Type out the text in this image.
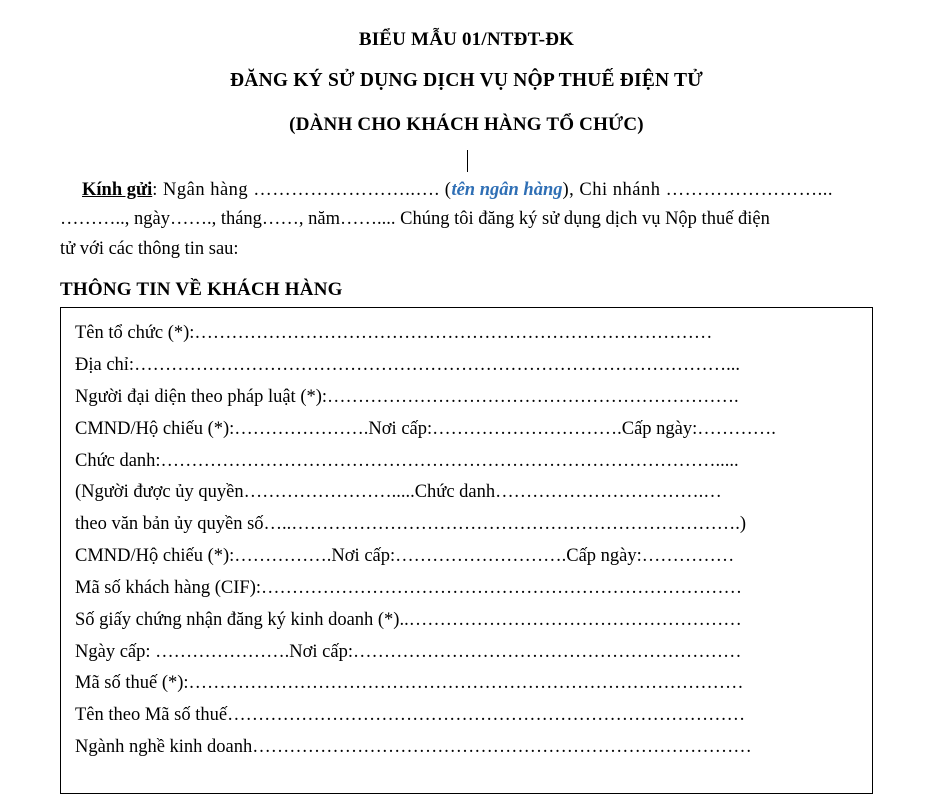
BIỂU MẪU 01/NTĐT-ĐK
ĐĂNG KÝ SỬ DỤNG DỊCH VỤ NỘP THUẾ ĐIỆN TỬ
(DÀNH CHO KHÁCH HÀNG TỔ CHỨC)

Kính gửi: Ngân hàng ……………………..…. (tên ngân hàng), Chi nhánh ……………………...

……….., ngày……., tháng……, năm…….... Chúng tôi đăng ký sử dụng dịch vụ Nộp thuế điện

tử với các thông tin sau:

THÔNG TIN VỀ KHÁCH HÀNG
Tên tổ chức (*):…………………………………………………………………………
Địa chỉ:……………………………………………………………………………………...
Người đại diện theo pháp luật (*):………………………………………………………….
CMND/Hộ chiếu (*):………………….Nơi cấp:………………………….Cấp ngày:………….
Chức danh:……………………………………………………………………………….....
(Người được ủy quyền…………………….....Chức danh…………………………….…
theo văn bản ủy quyền số…..……………………………………………………………….)
CMND/Hộ chiếu (*):…………….Nơi cấp:……………………….Cấp ngày:……………
Mã số khách hàng (CIF):……………………………………………………………………
Số giấy chứng nhận đăng ký kinh doanh (*)..………………………………………………
Ngày cấp: ………………….Nơi cấp:………………………………………………………
Mã số thuế (*):………………………………………………………………………………
Tên theo Mã số thuế…………………………………………………………………………
Ngành nghề kinh doanh………………………………………………………………………
